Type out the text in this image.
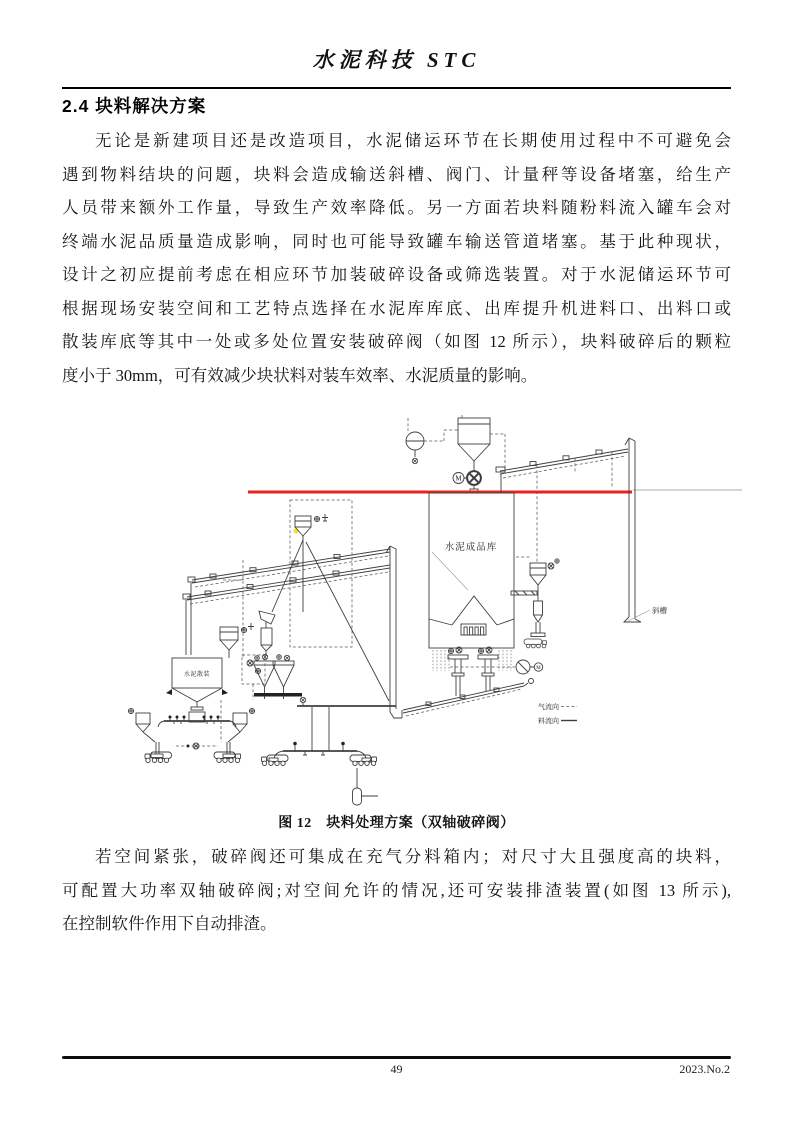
水泥科技 STC
2.4 块料解决方案
无论是新建项目还是改造项目，水泥储运环节在长期使用过程中不可避免会
遇到物料结块的问题，块料会造成输送斜槽、阀门、计量秤等设备堵塞，给生产
人员带来额外工作量，导致生产效率降低。另一方面若块料随粉料流入罐车会对
终端水泥品质量造成影响，同时也可能导致罐车输送管道堵塞。基于此种现状，
设计之初应提前考虑在相应环节加装破碎设备或筛选装置。对于水泥储运环节可
根据现场安装空间和工艺特点选择在水泥库库底、出库提升机进料口、出料口或
散装库底等其中一处或多处位置安装破碎阀（如图 12 所示），块料破碎后的颗粒
度小于 30mm，可有效减少块状料对装车效率、水泥质量的影响。
M
斜槽
水泥成品库
M
水泥散装
气流向
料流向
图 12　块料处理方案（双轴破碎阀）
若空间紧张，破碎阀还可集成在充气分料箱内；对尺寸大且强度高的块料，
可配置大功率双轴破碎阀;对空间允许的情况,还可安装排渣装置(如图 13 所示),
在控制软件作用下自动排渣。
49	2023.No.2
